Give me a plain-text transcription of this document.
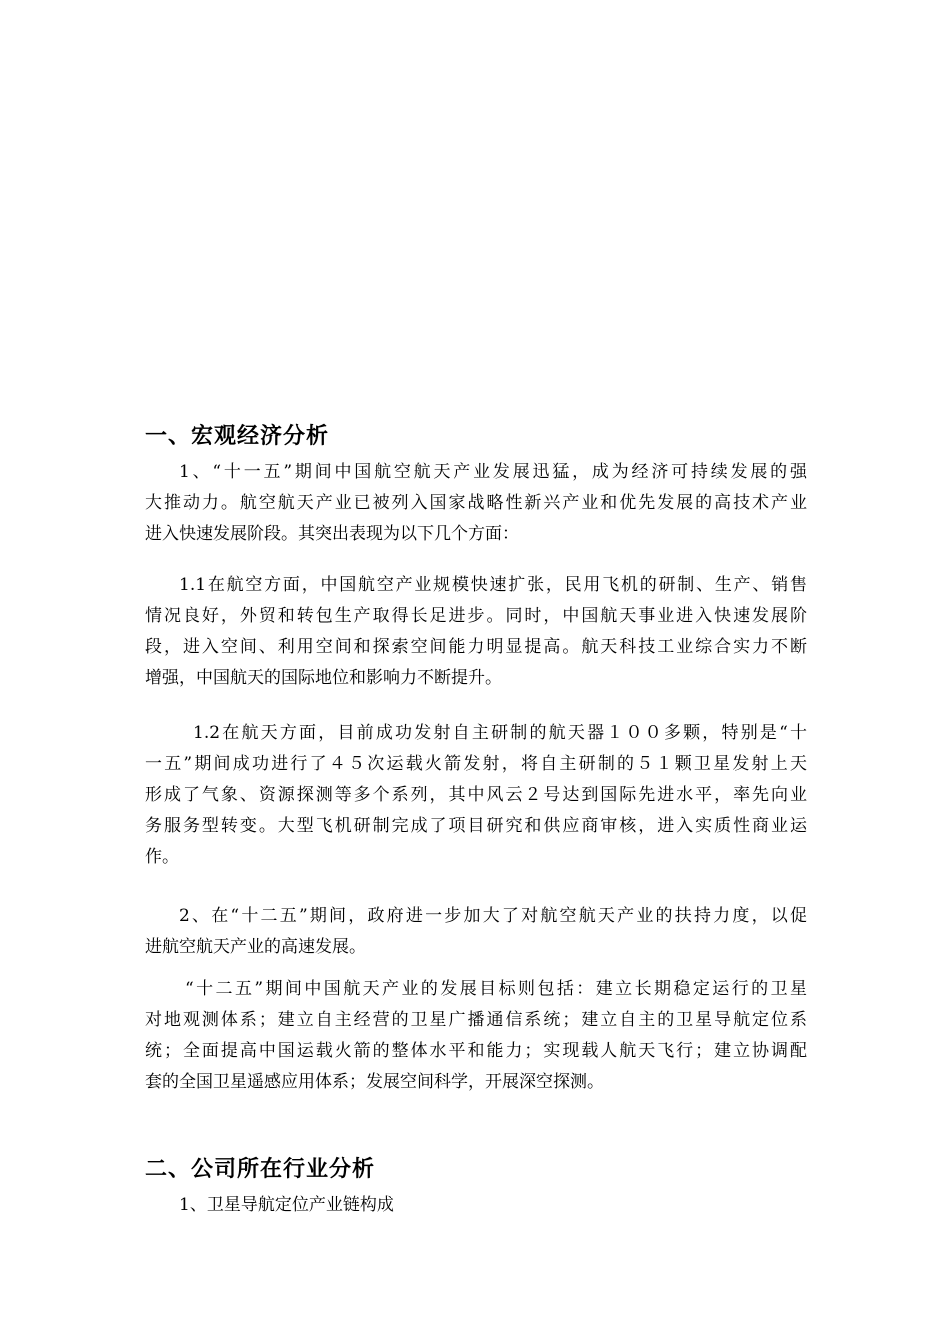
一、宏观经济分析
1、“十一五”期间中国航空航天产业发展迅猛，成为经济可持续发展的强
大推动力。航空航天产业已被列入国家战略性新兴产业和优先发展的高技术产业
进入快速发展阶段。其突出表现为以下几个方面：
1.1在航空方面，中国航空产业规模快速扩张，民用飞机的研制、生产、销售
情况良好，外贸和转包生产取得长足进步。同时，中国航天事业进入快速发展阶
段，进入空间、利用空间和探索空间能力明显提高。航天科技工业综合实力不断
增强，中国航天的国际地位和影响力不断提升。
1.2在航天方面，目前成功发射自主研制的航天器１００多颗，特别是“十
一五”期间成功进行了４５次运载火箭发射，将自主研制的５１颗卫星发射上天
形成了气象、资源探测等多个系列，其中风云２号达到国际先进水平，率先向业
务服务型转变。大型飞机研制完成了项目研究和供应商审核，进入实质性商业运
作。
2、在“十二五”期间，政府进一步加大了对航空航天产业的扶持力度，以促
进航空航天产业的高速发展。
“十二五”期间中国航天产业的发展目标则包括：建立长期稳定运行的卫星
对地观测体系；建立自主经营的卫星广播通信系统；建立自主的卫星导航定位系
统；全面提高中国运载火箭的整体水平和能力；实现载人航天飞行；建立协调配
套的全国卫星遥感应用体系；发展空间科学，开展深空探测。
二、公司所在行业分析
1、卫星导航定位产业链构成
